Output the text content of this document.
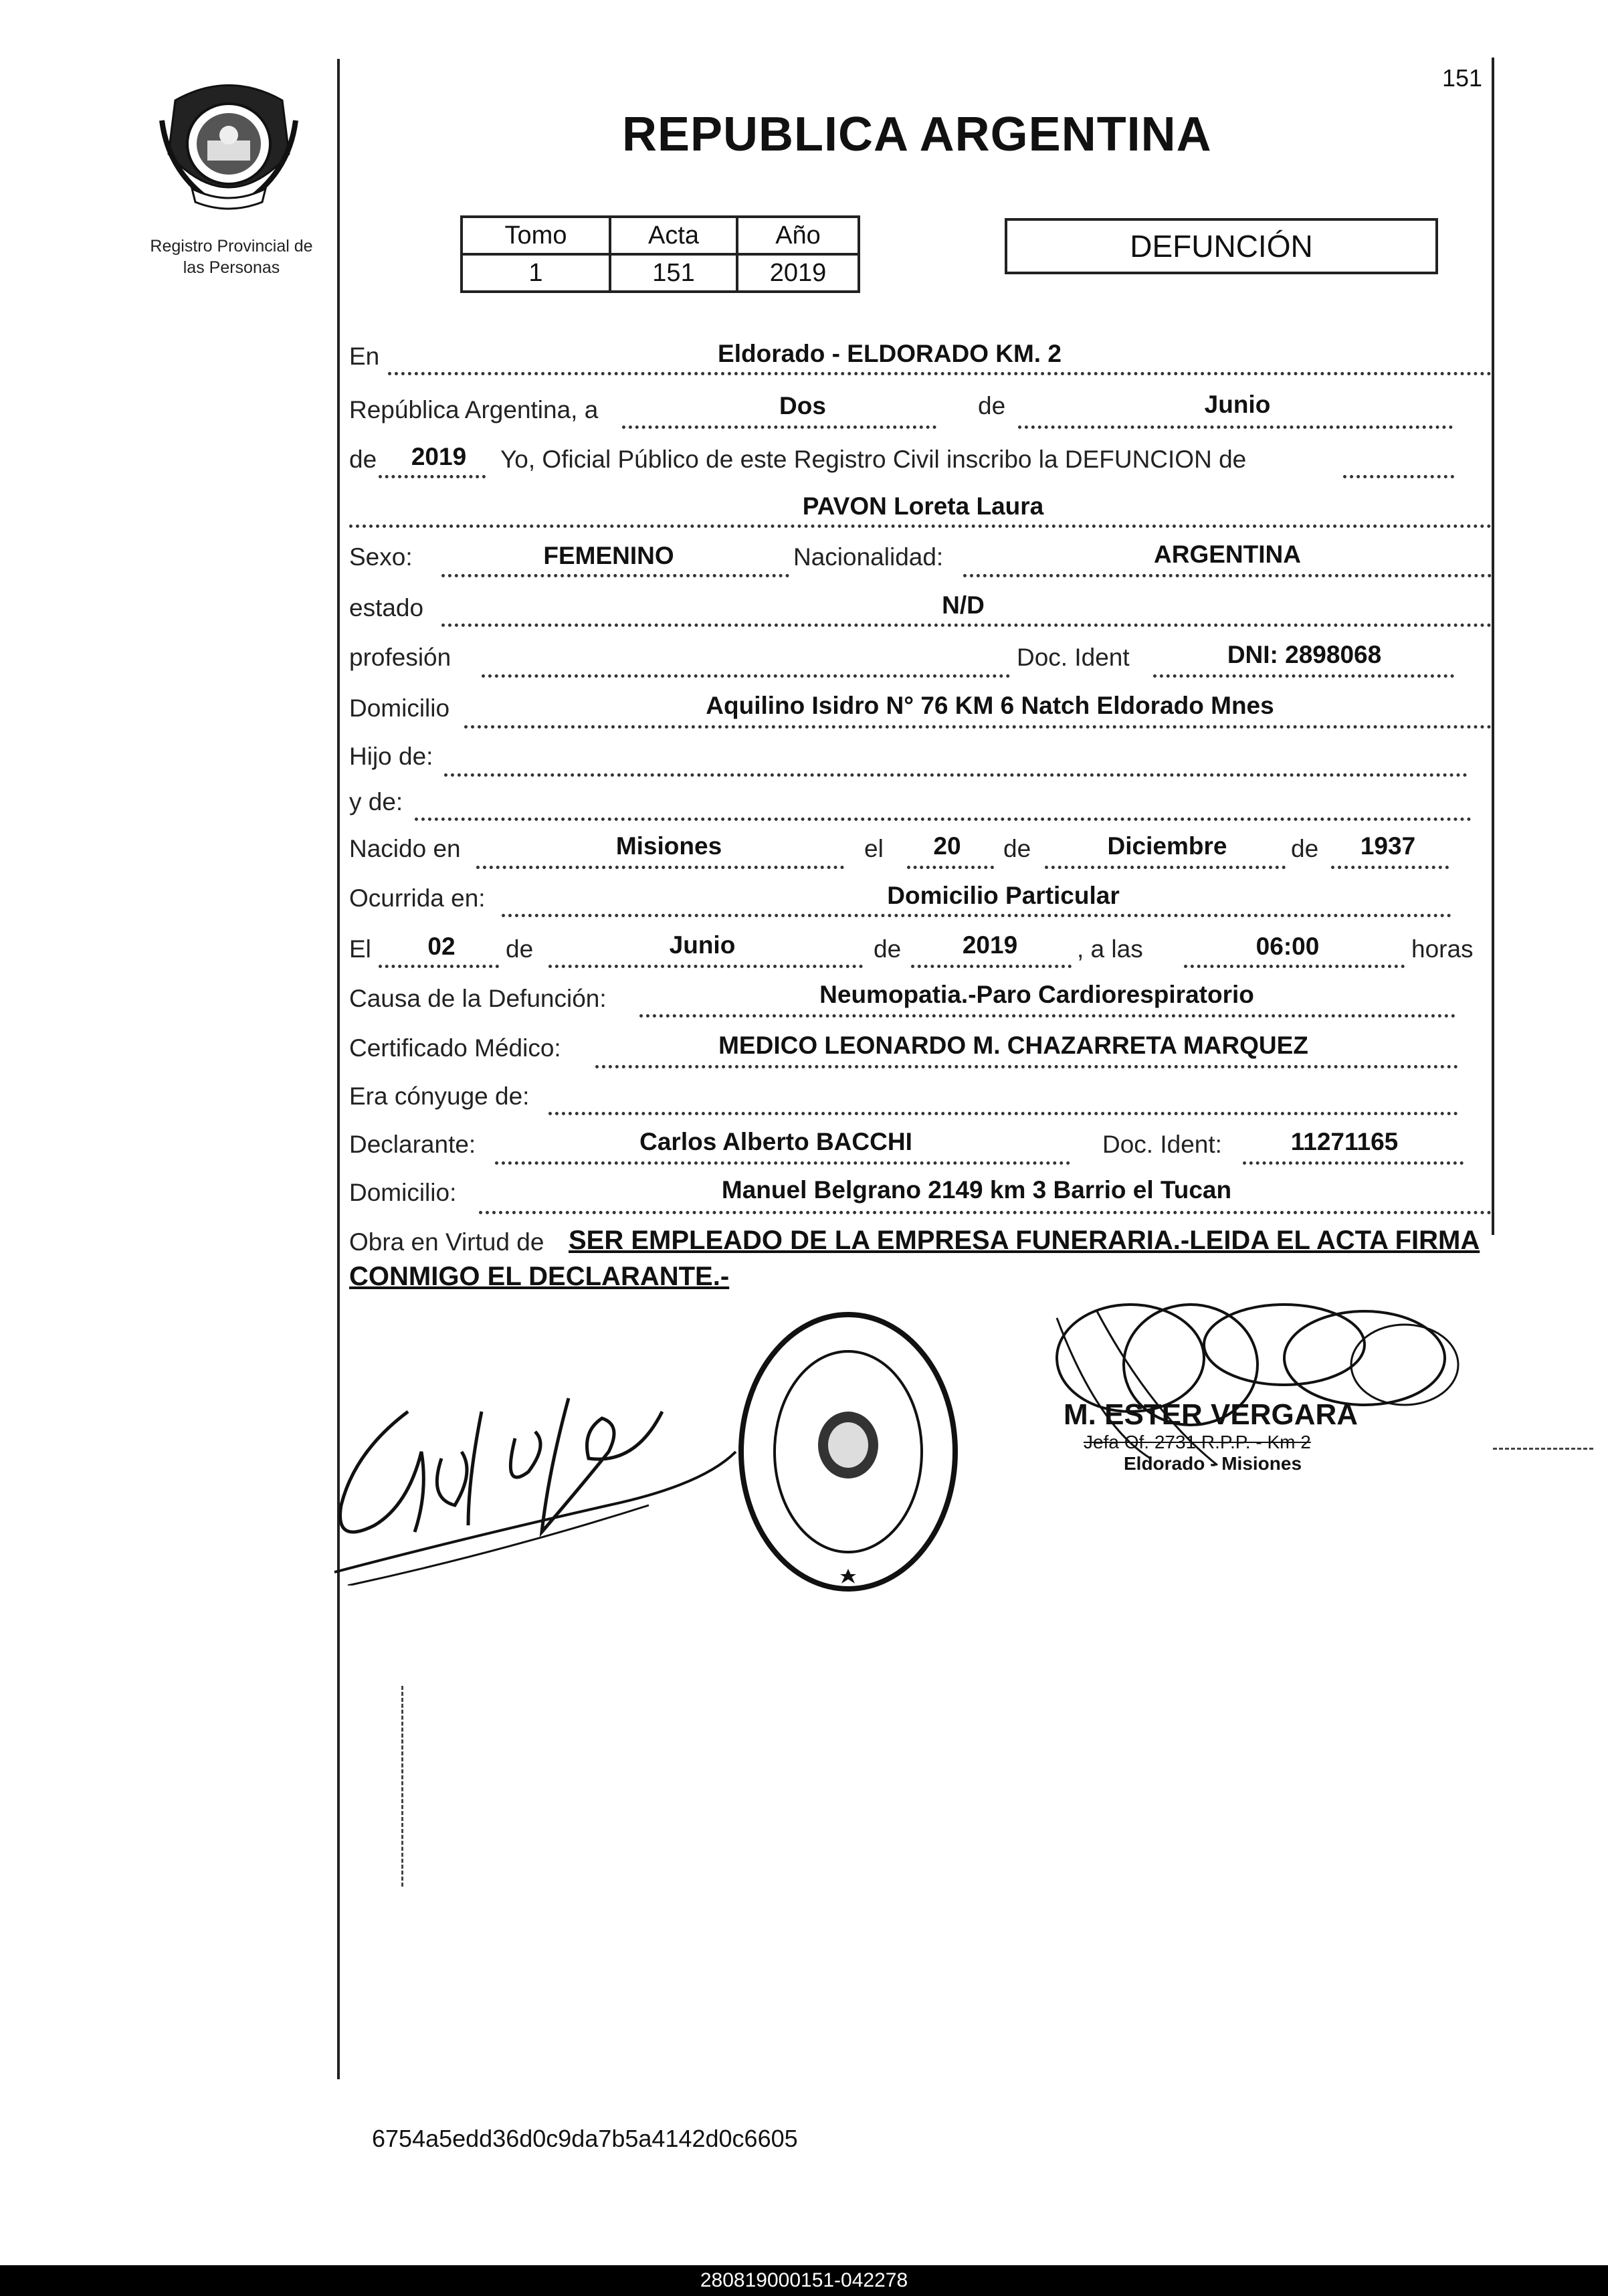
151
Registro Provincial de
las Personas
REPUBLICA ARGENTINA
Tomo	Acta	Año
1	151	2019
DEFUNCIÓN
En	Eldorado - ELDORADO KM. 2
República Argentina, a	Dos	de	Junio
de	2019	Yo, Oficial Público de este Registro Civil inscribo la DEFUNCION de
PAVON Loreta Laura
Sexo:	FEMENINO	Nacionalidad:	ARGENTINA
estado	N/D
profesión	Doc. Ident	DNI: 2898068
Domicilio	Aquilino Isidro N° 76 KM 6 Natch Eldorado Mnes
Hijo de:
y de:
Nacido en	Misiones	el	20	de	Diciembre	de	1937
Ocurrida en:	Domicilio Particular
El	02	de	Junio	de	2019	, a las	06:00	horas
Causa de la Defunción:	Neumopatia.-Paro Cardiorespiratorio
Certificado Médico:	MEDICO LEONARDO M. CHAZARRETA MARQUEZ
Era cónyuge de:
Declarante:	Carlos Alberto BACCHI	Doc. Ident:	11271165
Domicilio:	Manuel Belgrano 2149 km 3 Barrio el Tucan
Obra en Virtud de SER EMPLEADO DE LA EMPRESA FUNERARIA.-LEIDA EL ACTA FIRMA
CONMIGO EL DECLARANTE.-
M. ESTER VERGARA
Jefa Of. 2731 R.P.P. - Km 2
Eldorado - Misiones
6754a5edd36d0c9da7b5a4142d0c6605
280819000151-042278
